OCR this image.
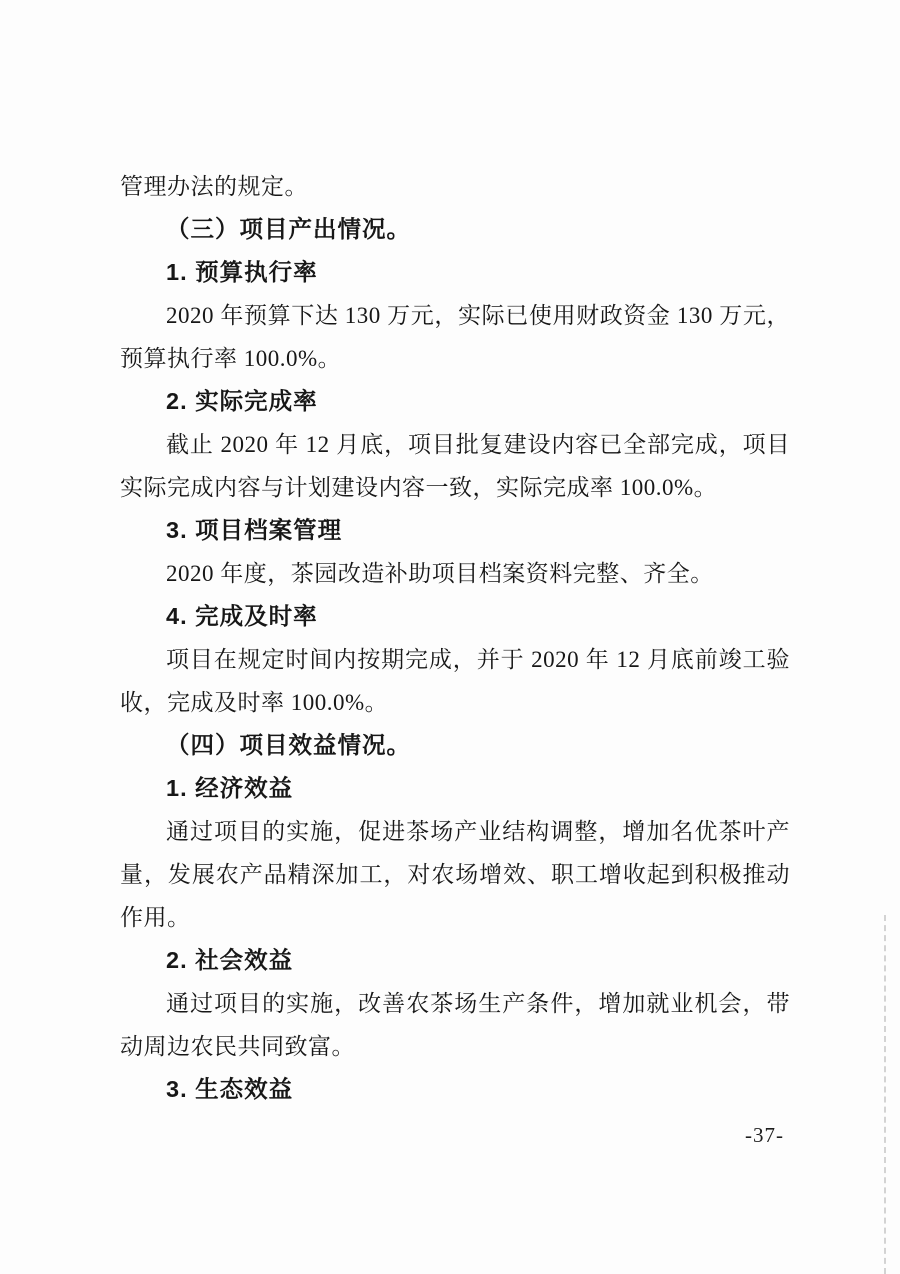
管理办法的规定。
（三）项目产出情况。
1. 预算执行率
2020 年预算下达 130 万元，实际已使用财政资金 130 万元，
预算执行率 100.0%。
2. 实际完成率
截止 2020 年 12 月底，项目批复建设内容已全部完成，项目
实际完成内容与计划建设内容一致，实际完成率 100.0%。
3. 项目档案管理
2020 年度，茶园改造补助项目档案资料完整、齐全。
4. 完成及时率
项目在规定时间内按期完成，并于 2020 年 12 月底前竣工验
收，完成及时率 100.0%。
（四）项目效益情况。
1. 经济效益
通过项目的实施，促进茶场产业结构调整，增加名优茶叶产
量，发展农产品精深加工，对农场增效、职工增收起到积极推动
作用。
2. 社会效益
通过项目的实施，改善农茶场生产条件，增加就业机会，带
动周边农民共同致富。
3. 生态效益
-37-
